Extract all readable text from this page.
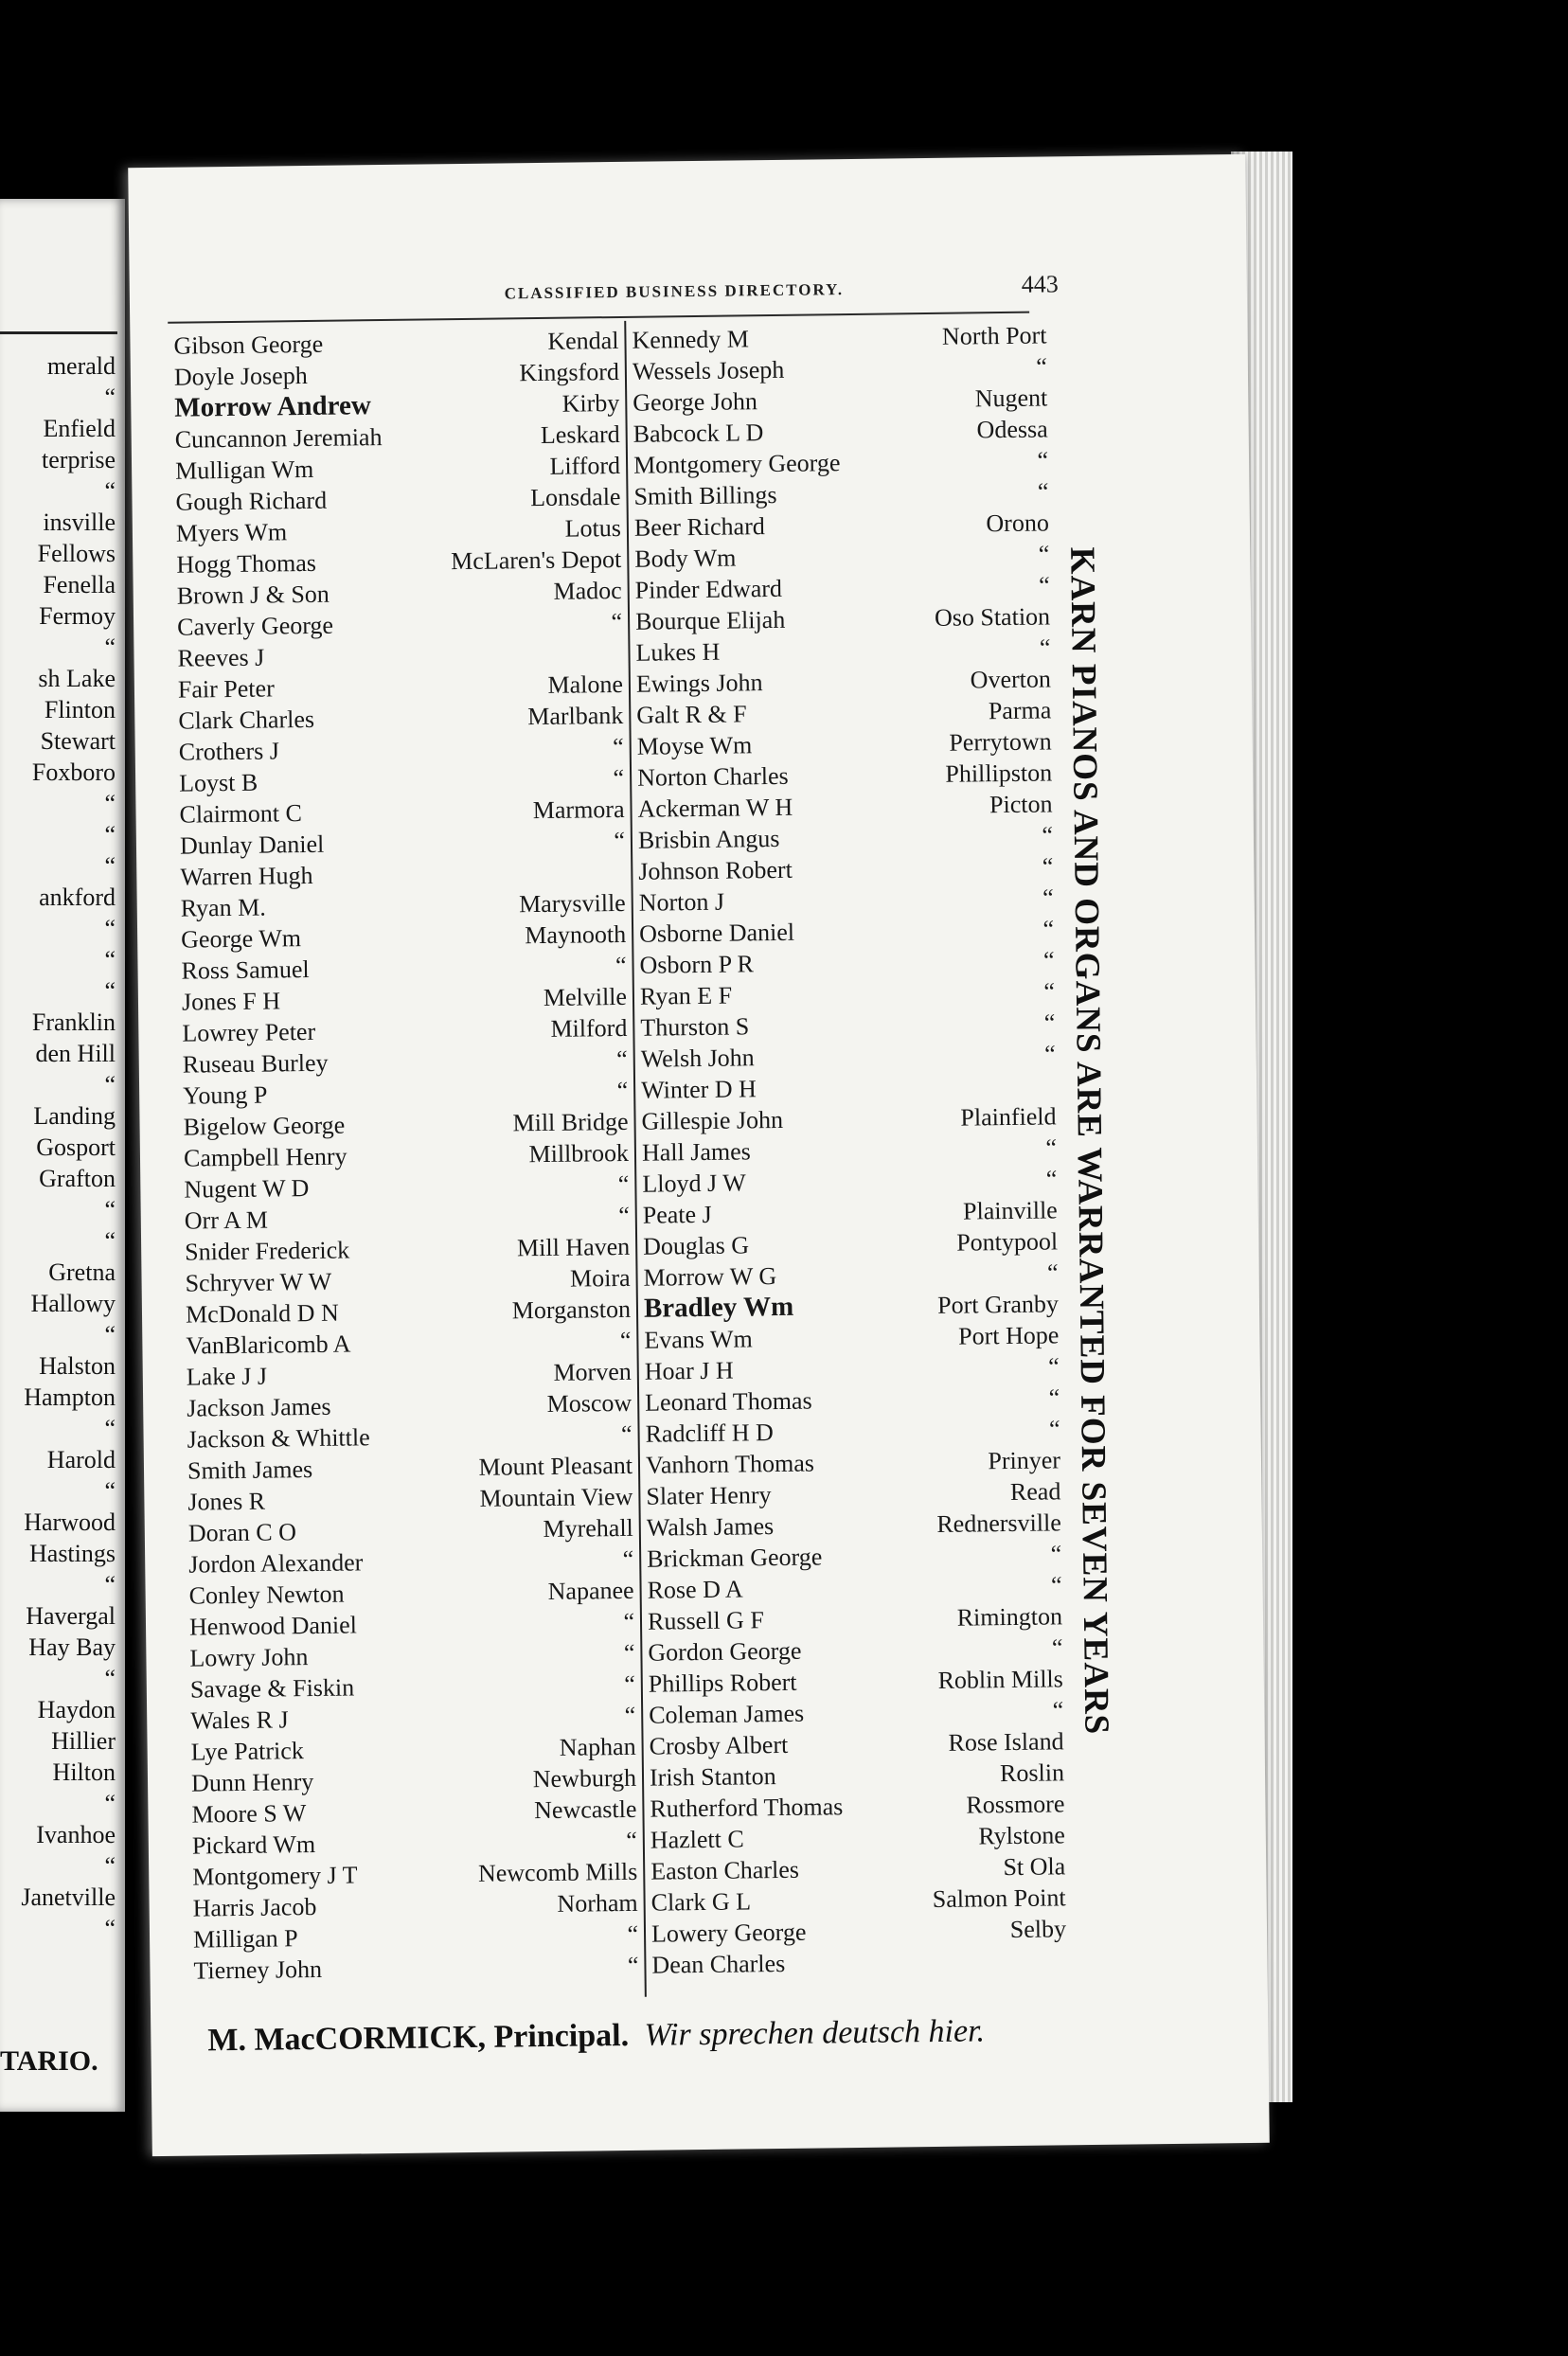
merald
“
Enfield
terprise
“
insville
Fellows
Fenella
Fermoy
“
sh Lake
Flinton
Stewart
Foxboro
“
“
“
ankford
“
“
“
Franklin
den Hill
“
Landing
Gosport
Grafton
“
“
Gretna
Hallowy
“
Halston
Hampton
“
Harold
“
Harwood
Hastings
“
Havergal
Hay Bay
“
Haydon
Hillier
Hilton
“
Ivanhoe
“
Janetville
“
TARIO.
CLASSIFIED BUSINESS DIRECTORY.	443
Gibson George
Doyle Joseph
Morrow Andrew
Cuncannon Jeremiah
Mulligan Wm
Gough Richard
Myers Wm
Hogg Thomas
Brown J & Son
Caverly George
Reeves J
Fair Peter
Clark Charles
Crothers J
Loyst B
Clairmont C
Dunlay Daniel
Warren Hugh
Ryan M.
George Wm
Ross Samuel
Jones F H
Lowrey Peter
Ruseau Burley
Young P
Bigelow George
Campbell Henry
Nugent W D
Orr A M
Snider Frederick
Schryver W W
McDonald D N
VanBlaricomb A
Lake J J
Jackson James
Jackson & Whittle
Smith James
Jones R
Doran C O
Jordon Alexander
Conley Newton
Henwood Daniel
Lowry John
Savage & Fiskin
Wales R J
Lye Patrick
Dunn Henry
Moore S W
Pickard Wm
Montgomery J T
Harris Jacob
Milligan P
Tierney John
Kendal
Kingsford
Kirby
Leskard
Lifford
Lonsdale
Lotus
McLaren's Depot
Madoc
“
Malone
Marlbank
“
“
Marmora
“
Marysville
Maynooth
“
Melville
Milford
“
“
Mill Bridge
Millbrook
“
“
Mill Haven
Moira
Morganston
“
Morven
Moscow
“
Mount Pleasant
Mountain View
Myrehall
“
Napanee
“
“
“
“
Naphan
Newburgh
Newcastle
“
Newcomb Mills
Norham
“
“
Kennedy M
Wessels Joseph
George John
Babcock L D
Montgomery George
Smith Billings
Beer Richard
Body Wm
Pinder Edward
Bourque Elijah
Lukes H
Ewings John
Galt R & F
Moyse Wm
Norton Charles
Ackerman W H
Brisbin Angus
Johnson Robert
Norton J
Osborne Daniel
Osborn P R
Ryan E F
Thurston S
Welsh John
Winter D H
Gillespie John
Hall James
Lloyd J W
Peate J
Douglas G
Morrow W G
Bradley Wm
Evans Wm
Hoar J H
Leonard Thomas
Radcliff H D
Vanhorn Thomas
Slater Henry
Walsh James
Brickman George
Rose D A
Russell G F
Gordon George
Phillips Robert
Coleman James
Crosby Albert
Irish Stanton
Rutherford Thomas
Hazlett C
Easton Charles
Clark G L
Lowery George
Dean Charles
North Port
“
Nugent
Odessa
“
“
Orono
“
“
Oso Station
“
Overton
Parma
Perrytown
Phillipston
Picton
“
“
“
“
“
“
“
“
Plainfield
“
“
Plainville
Pontypool
“
Port Granby
Port Hope
“
“
“
Prinyer
Read
Rednersville
“
“
Rimington
“
Roblin Mills
“
Rose Island
Roslin
Rossmore
Rylstone
St Ola
Salmon Point
Selby
M. MacCORMICK, Principal. Wir sprechen deutsch hier.
KARN PIANOS AND ORGANS ARE WARRANTED FOR SEVEN YEARS
